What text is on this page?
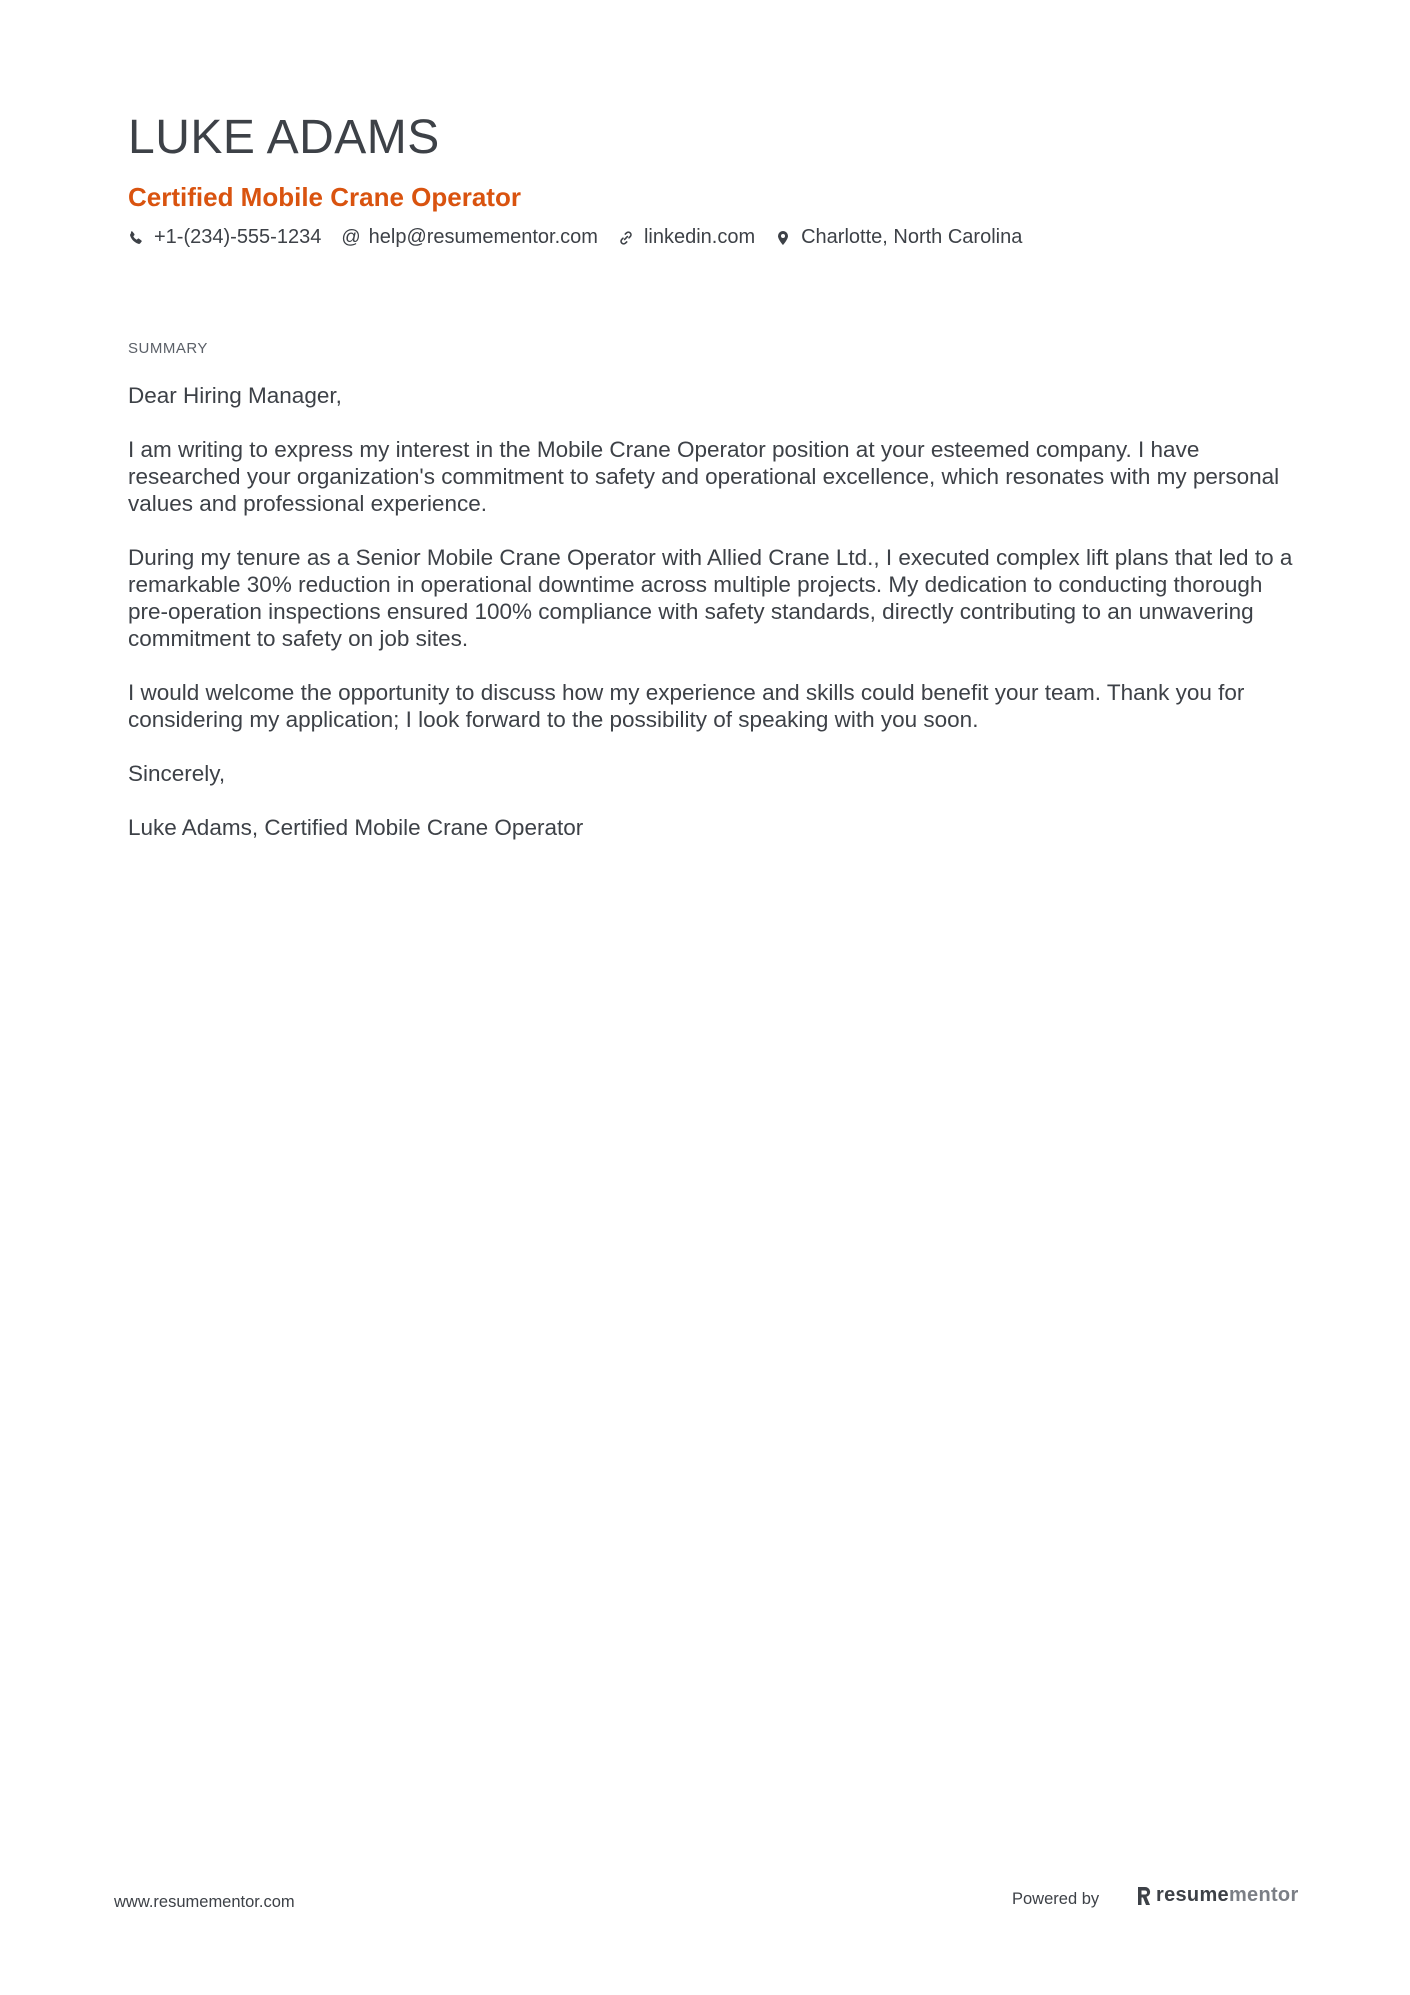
LUKE ADAMS
Certified Mobile Crane Operator
+1-(234)-555-1234 @ help@resumementor.com linkedin.com Charlotte, North Carolina
SUMMARY

Dear Hiring Manager,

I am writing to express my interest in the Mobile Crane Operator position at your esteemed company. I have researched your organization's commitment to safety and operational excellence, which resonates with my personal values and professional experience.

During my tenure as a Senior Mobile Crane Operator with Allied Crane Ltd., I executed complex lift plans that led to a remarkable 30% reduction in operational downtime across multiple projects. My dedication to conducting thorough pre-operation inspections ensured 100% compliance with safety standards, directly contributing to an unwavering commitment to safety on job sites.

I would welcome the opportunity to discuss how my experience and skills could benefit your team. Thank you for considering my application; I look forward to the possibility of speaking with you soon.

Sincerely,

Luke Adams, Certified Mobile Crane Operator

www.resumementor.com	Powered by	resume mentor
